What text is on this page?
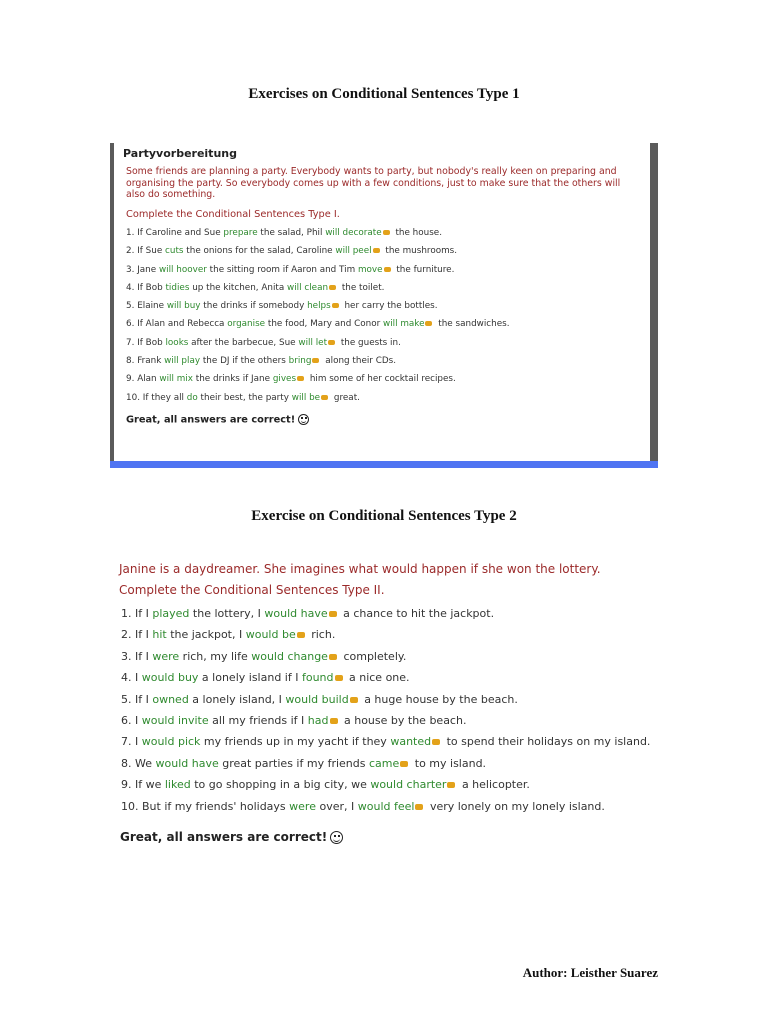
Exercises on Conditional Sentences Type 1
Partyvorbereitung
Some friends are planning a party. Everybody wants to party, but nobody's really keen on preparing and organising the party. So everybody comes up with a few conditions, just to make sure that the others will also do something.
Complete the Conditional Sentences Type I.
1. If Caroline and Sue prepare the salad, Phil will decorate the house.
2. If Sue cuts the onions for the salad, Caroline will peel the mushrooms.
3. Jane will hoover the sitting room if Aaron and Tim move the furniture.
4. If Bob tidies up the kitchen, Anita will clean the toilet.
5. Elaine will buy the drinks if somebody helps her carry the bottles.
6. If Alan and Rebecca organise the food, Mary and Conor will make the sandwiches.
7. If Bob looks after the barbecue, Sue will let the guests in.
8. Frank will play the DJ if the others bring along their CDs.
9. Alan will mix the drinks if Jane gives him some of her cocktail recipes.
10. If they all do their best, the party will be great.
Great, all answers are correct!
Exercise on Conditional Sentences Type 2
Janine is a daydreamer. She imagines what would happen if she won the lottery.
Complete the Conditional Sentences Type II.
1. If I played the lottery, I would have a chance to hit the jackpot.
2. If I hit the jackpot, I would be rich.
3. If I were rich, my life would change completely.
4. I would buy a lonely island if I found a nice one.
5. If I owned a lonely island, I would build a huge house by the beach.
6. I would invite all my friends if I had a house by the beach.
7. I would pick my friends up in my yacht if they wanted to spend their holidays on my island.
8. We would have great parties if my friends came to my island.
9. If we liked to go shopping in a big city, we would charter a helicopter.
10. But if my friends' holidays were over, I would feel very lonely on my lonely island.
Great, all answers are correct!
Author: Leisther Suarez
